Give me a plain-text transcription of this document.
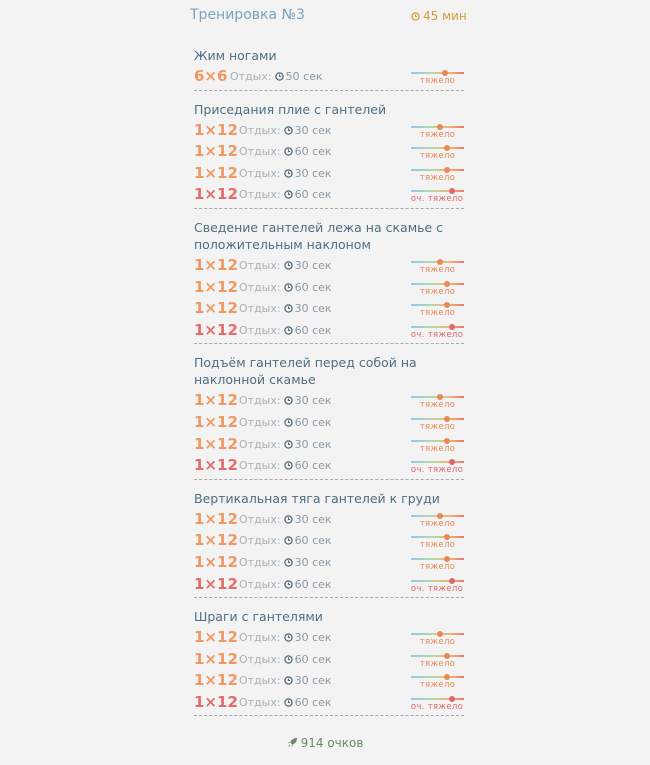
Тренировка №3	45 мин
Жим ногами
6×6 Отдых: 50 сек	тяжело
Приседания плие с гантелей
1×12 Отдых: 30 сек	тяжело
1×12 Отдых: 60 сек	тяжело
1×12 Отдых: 30 сек	тяжело
1×12 Отдых: 60 сек	оч. тяжело
Сведение гантелей лежа на скамье с положительным наклоном
1×12 Отдых: 30 сек	тяжело
1×12 Отдых: 60 сек	тяжело
1×12 Отдых: 30 сек	тяжело
1×12 Отдых: 60 сек	оч. тяжело
Подъём гантелей перед собой на наклонной скамье
1×12 Отдых: 30 сек	тяжело
1×12 Отдых: 60 сек	тяжело
1×12 Отдых: 30 сек	тяжело
1×12 Отдых: 60 сек	оч. тяжело
Вертикальная тяга гантелей к груди
1×12 Отдых: 30 сек	тяжело
1×12 Отдых: 60 сек	тяжело
1×12 Отдых: 30 сек	тяжело
1×12 Отдых: 60 сек	оч. тяжело
Шраги с гантелями
1×12 Отдых: 30 сек	тяжело
1×12 Отдых: 60 сек	тяжело
1×12 Отдых: 30 сек	тяжело
1×12 Отдых: 60 сек	оч. тяжело
914 очков
